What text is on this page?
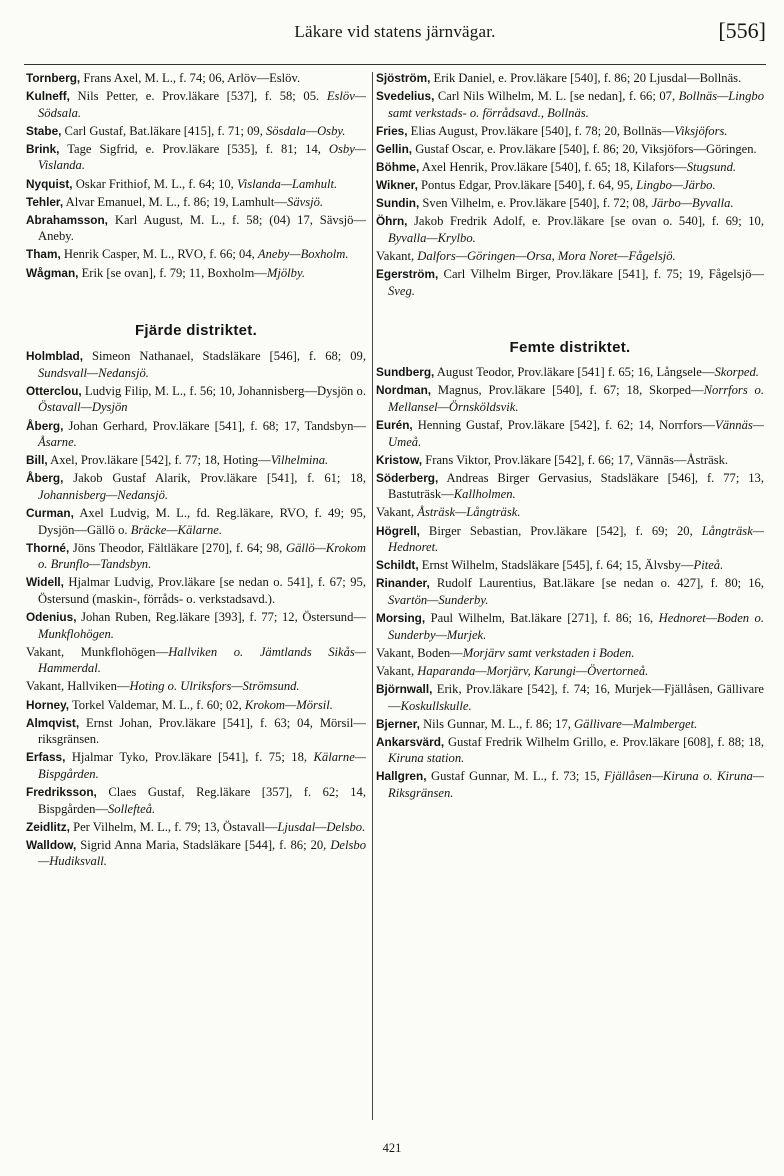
Läkare vid statens järnvägar.	[556]
Tornberg, Frans Axel, M. L., f. 74; 06, Arlöv—Eslöv.
Kulneff, Nils Petter, e. Prov.läkare [537], f. 58; 05. Eslöv—Södsala.
Stabe, Carl Gustaf, Bat.läkare [415], f. 71; 09, Sösdala—Osby.
Brink, Tage Sigfrid, e. Prov.läkare [535], f. 81; 14, Osby—Vislanda.
Nyquist, Oskar Frithiof, M. L., f. 64; 10, Vislanda—Lamhult.
Tehler, Alvar Emanuel, M. L., f. 86; 19, Lamhult—Sävsjö.
Abrahamsson, Karl August, M. L., f. 58; (04) 17, Sävsjö—Aneby.
Tham, Henrik Casper, M. L., RVO, f. 66; 04, Aneby—Boxholm.
Wågman, Erik [se ovan], f. 79; 11, Boxholm—Mjölby.
Fjärde distriktet.
Holmblad, Simeon Nathanael, Stadsläkare [546], f. 68; 09, Sundsvall—Nedansjö.
Otterclou, Ludvig Filip, M. L., f. 56; 10, Johannisberg—Dysjön o. Östavall—Dysjön
Åberg, Johan Gerhard, Prov.läkare [541], f. 68; 17, Tandsbyn—Åsarne.
Bill, Axel, Prov.läkare [542], f. 77; 18, Hoting—Vilhelmina.
Åberg, Jakob Gustaf Alarik, Prov.läkare [541], f. 61; 18, Johannisberg—Nedansjö.
Curman, Axel Ludvig, M. L., fd. Reg.läkare, RVO, f. 49; 95, Dysjön—Gällö o. Bräcke—Kälarne.
Thorné, Jöns Theodor, Fältläkare [270], f. 64; 98, Gällö—Krokom o. Brunflo—Tandsbyn.
Widell, Hjalmar Ludvig, Prov.läkare [se nedan o. 541], f. 67; 95, Östersund (maskin-, förråds- o. verkstadsavd.).
Odenius, Johan Ruben, Reg.läkare [393], f. 77; 12, Östersund—Munkflohögen.
Vakant, Munkflohögen—Hallviken o. Jämtlands Sikås—Hammerdal.
Vakant, Hallviken—Hoting o. Ulriksfors—Strömsund.
Horney, Torkel Valdemar, M. L., f. 60; 02, Krokom—Mörsil.
Almqvist, Ernst Johan, Prov.läkare [541], f. 63; 04, Mörsil—riksgränsen.
Erfass, Hjalmar Tyko, Prov.läkare [541], f. 75; 18, Kälarne—Bispgården.
Fredriksson, Claes Gustaf, Reg.läkare [357], f. 62; 14, Bispgården—Sollefteå.
Zeidlitz, Per Vilhelm, M. L., f. 79; 13, Östavall—Ljusdal—Delsbo.
Walldow, Sigrid Anna Maria, Stadsläkare [544], f. 86; 20, Delsbo—Hudiksvall.
Sjöström, Erik Daniel, e. Prov.läkare [540], f. 86; 20 Ljusdal—Bollnäs.
Svedelius, Carl Nils Wilhelm, M. L. [se nedan], f. 66; 07, Bollnäs—Lingbo samt verkstads- o. förrådsavd., Bollnäs.
Fries, Elias August, Prov.läkare [540], f. 78; 20, Bollnäs—Viksjöfors.
Gellin, Gustaf Oscar, e. Prov.läkare [540], f. 86; 20, Viksjöfors—Göringen.
Böhme, Axel Henrik, Prov.läkare [540], f. 65; 18, Kilafors—Stugsund.
Wikner, Pontus Edgar, Prov.läkare [540], f. 64, 95, Lingbo—Järbo.
Sundin, Sven Vilhelm, e. Prov.läkare [540], f. 72; 08, Järbo—Byvalla.
Öhrn, Jakob Fredrik Adolf, e. Prov.läkare [se ovan o. 540], f. 69; 10, Byvalla—Krylbo.
Vakant, Dalfors—Göringen—Orsa, Mora Noret—Fågelsjö.
Egerström, Carl Vilhelm Birger, Prov.läkare [541], f. 75; 19, Fågelsjö—Sveg.
Femte distriktet.
Sundberg, August Teodor, Prov.läkare [541] f. 65; 16, Långsele—Skorped.
Nordman, Magnus, Prov.läkare [540], f. 67; 18, Skorped—Norrfors o. Mellansel—Örnsköldsvik.
Eurén, Henning Gustaf, Prov.läkare [542], f. 62; 14, Norrfors—Vännäs—Umeå.
Kristow, Frans Viktor, Prov.läkare [542], f. 66; 17, Vännäs—Åsträsk.
Söderberg, Andreas Birger Gervasius, Stadsläkare [546], f. 77; 13, Bastuträsk—Kallholmen.
Vakant, Åsträsk—Långträsk.
Högrell, Birger Sebastian, Prov.läkare [542], f. 69; 20, Långträsk—Hednoret.
Schildt, Ernst Wilhelm, Stadsläkare [545], f. 64; 15, Älvsby—Piteå.
Rinander, Rudolf Laurentius, Bat.läkare [se nedan o. 427], f. 80; 16, Svartön—Sunderby.
Morsing, Paul Wilhelm, Bat.läkare [271], f. 86; 16, Hednoret—Boden o. Sunderby—Murjek.
Vakant, Boden—Morjärv samt verkstaden i Boden.
Vakant, Haparanda—Morjärv, Karungi—Övertorneå.
Björnwall, Erik, Prov.läkare [542], f. 74; 16, Murjek—Fjällåsen, Gällivare—Koskullskulle.
Bjerner, Nils Gunnar, M. L., f. 86; 17, Gällivare—Malmberget.
Ankarsvärd, Gustaf Fredrik Wilhelm Grillo, e. Prov.läkare [608], f. 88; 18, Kiruna station.
Hallgren, Gustaf Gunnar, M. L., f. 73; 15, Fjällåsen—Kiruna o. Kiruna—Riksgränsen.
421
